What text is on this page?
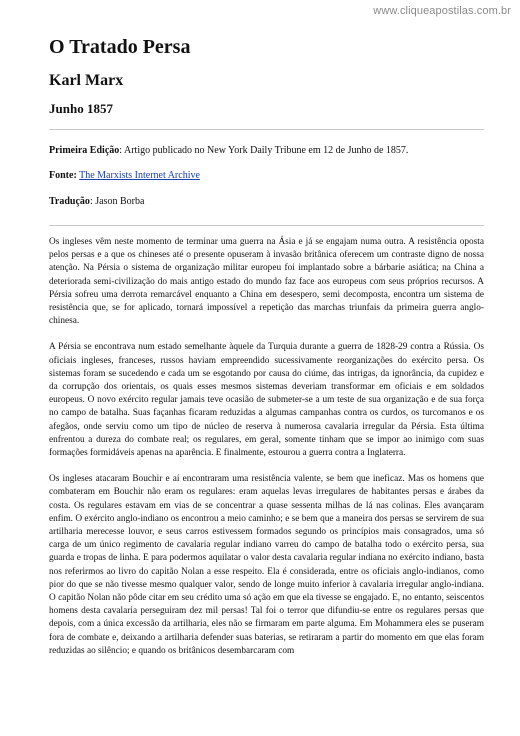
www.cliqueapostilas.com.br
O Tratado Persa
Karl Marx
Junho 1857

Primeira Edição: Artigo publicado no New York Daily Tribune em 12 de Junho de 1857.

Fonte: The Marxists Internet Archive

Tradução: Jason Borba

Os ingleses vêm neste momento de terminar uma guerra na Ásia e já se engajam numa outra. A resistência oposta pelos persas e a que os chineses até o presente opuseram à invasão britânica oferecem um contraste digno de nossa atenção. Na Pérsia o sistema de organização militar europeu foi implantado sobre a bárbarie asiática; na China a deteriorada semi-civilização do mais antigo estado do mundo faz face aos europeus com seus próprios recursos. A Pérsia sofreu uma derrota remarcável enquanto a China em desespero, semi decomposta, encontra um sistema de resistência que, se for aplicado, tornará impossível a repetição das marchas triunfais da primeira guerra anglo-chinesa.

A Pérsia se encontrava num estado semelhante àquele da Turquia durante a guerra de 1828-29 contra a Rússia. Os oficiais ingleses, franceses, russos haviam empreendido sucessivamente reorganizações do exército persa. Os sistemas foram se sucedendo e cada um se esgotando por causa do ciúme, das intrigas, da ignorância, da cupidez e da corrupção dos orientais, os quais esses mesmos sistemas deveriam transformar em oficiais e em soldados europeus. O novo exército regular jamais teve ocasião de submeter-se a um teste de sua organização e de sua força no campo de batalha. Suas façanhas ficaram reduzidas a algumas campanhas contra os curdos, os turcomanos e os afegãos, onde serviu como um tipo de núcleo de reserva à numerosa cavalaria irregular da Pérsia. Esta última enfrentou a dureza do combate real; os regulares, em geral, somente tinham que se impor ao inimigo com suas formações formidáveis apenas na aparência. E finalmente, estourou a guerra contra a Inglaterra.

Os ingleses atacaram Bouchir e aí encontraram uma resistência valente, se bem que ineficaz. Mas os homens que combateram em Bouchir não eram os regulares: eram aquelas levas irregulares de habitantes persas e árabes da costa. Os regulares estavam em vias de se concentrar a quase sessenta milhas de lá nas colinas. Eles avançaram enfim. O exército anglo-indiano os encontrou a meio caminho; e se bem que a maneira dos persas se servirem de sua artilharia merecesse louvor, e seus carros estivessem formados segundo os princípios mais consagrados, uma só carga de um único regimento de cavalaria regular indiano varreu do campo de batalha todo o exército persa, sua guarda e tropas de linha. E para podermos aquilatar o valor desta cavalaria regular indiana no exército indiano, basta nos referirmos ao livro do capitão Nolan a esse respeito. Ela é considerada, entre os oficiais anglo-indianos, como pior do que se não tivesse mesmo qualquer valor, sendo de longe muito inferior à cavalaria irregular anglo-indiana. O capitão Nolan não pôde citar em seu crédito uma só ação em que ela tivesse se engajado. E, no entanto, seiscentos homens desta cavalaria perseguiram dez mil persas! Tal foi o terror que difundiu-se entre os regulares persas que depois, com a única excessão da artilharia, eles não se firmaram em parte alguma. Em Mohammera eles se puseram fora de combate e, deixando a artilharia defender suas baterias, se retiraram a partir do momento em que elas foram reduzidas ao silêncio; e quando os britânicos desembarcaram com
